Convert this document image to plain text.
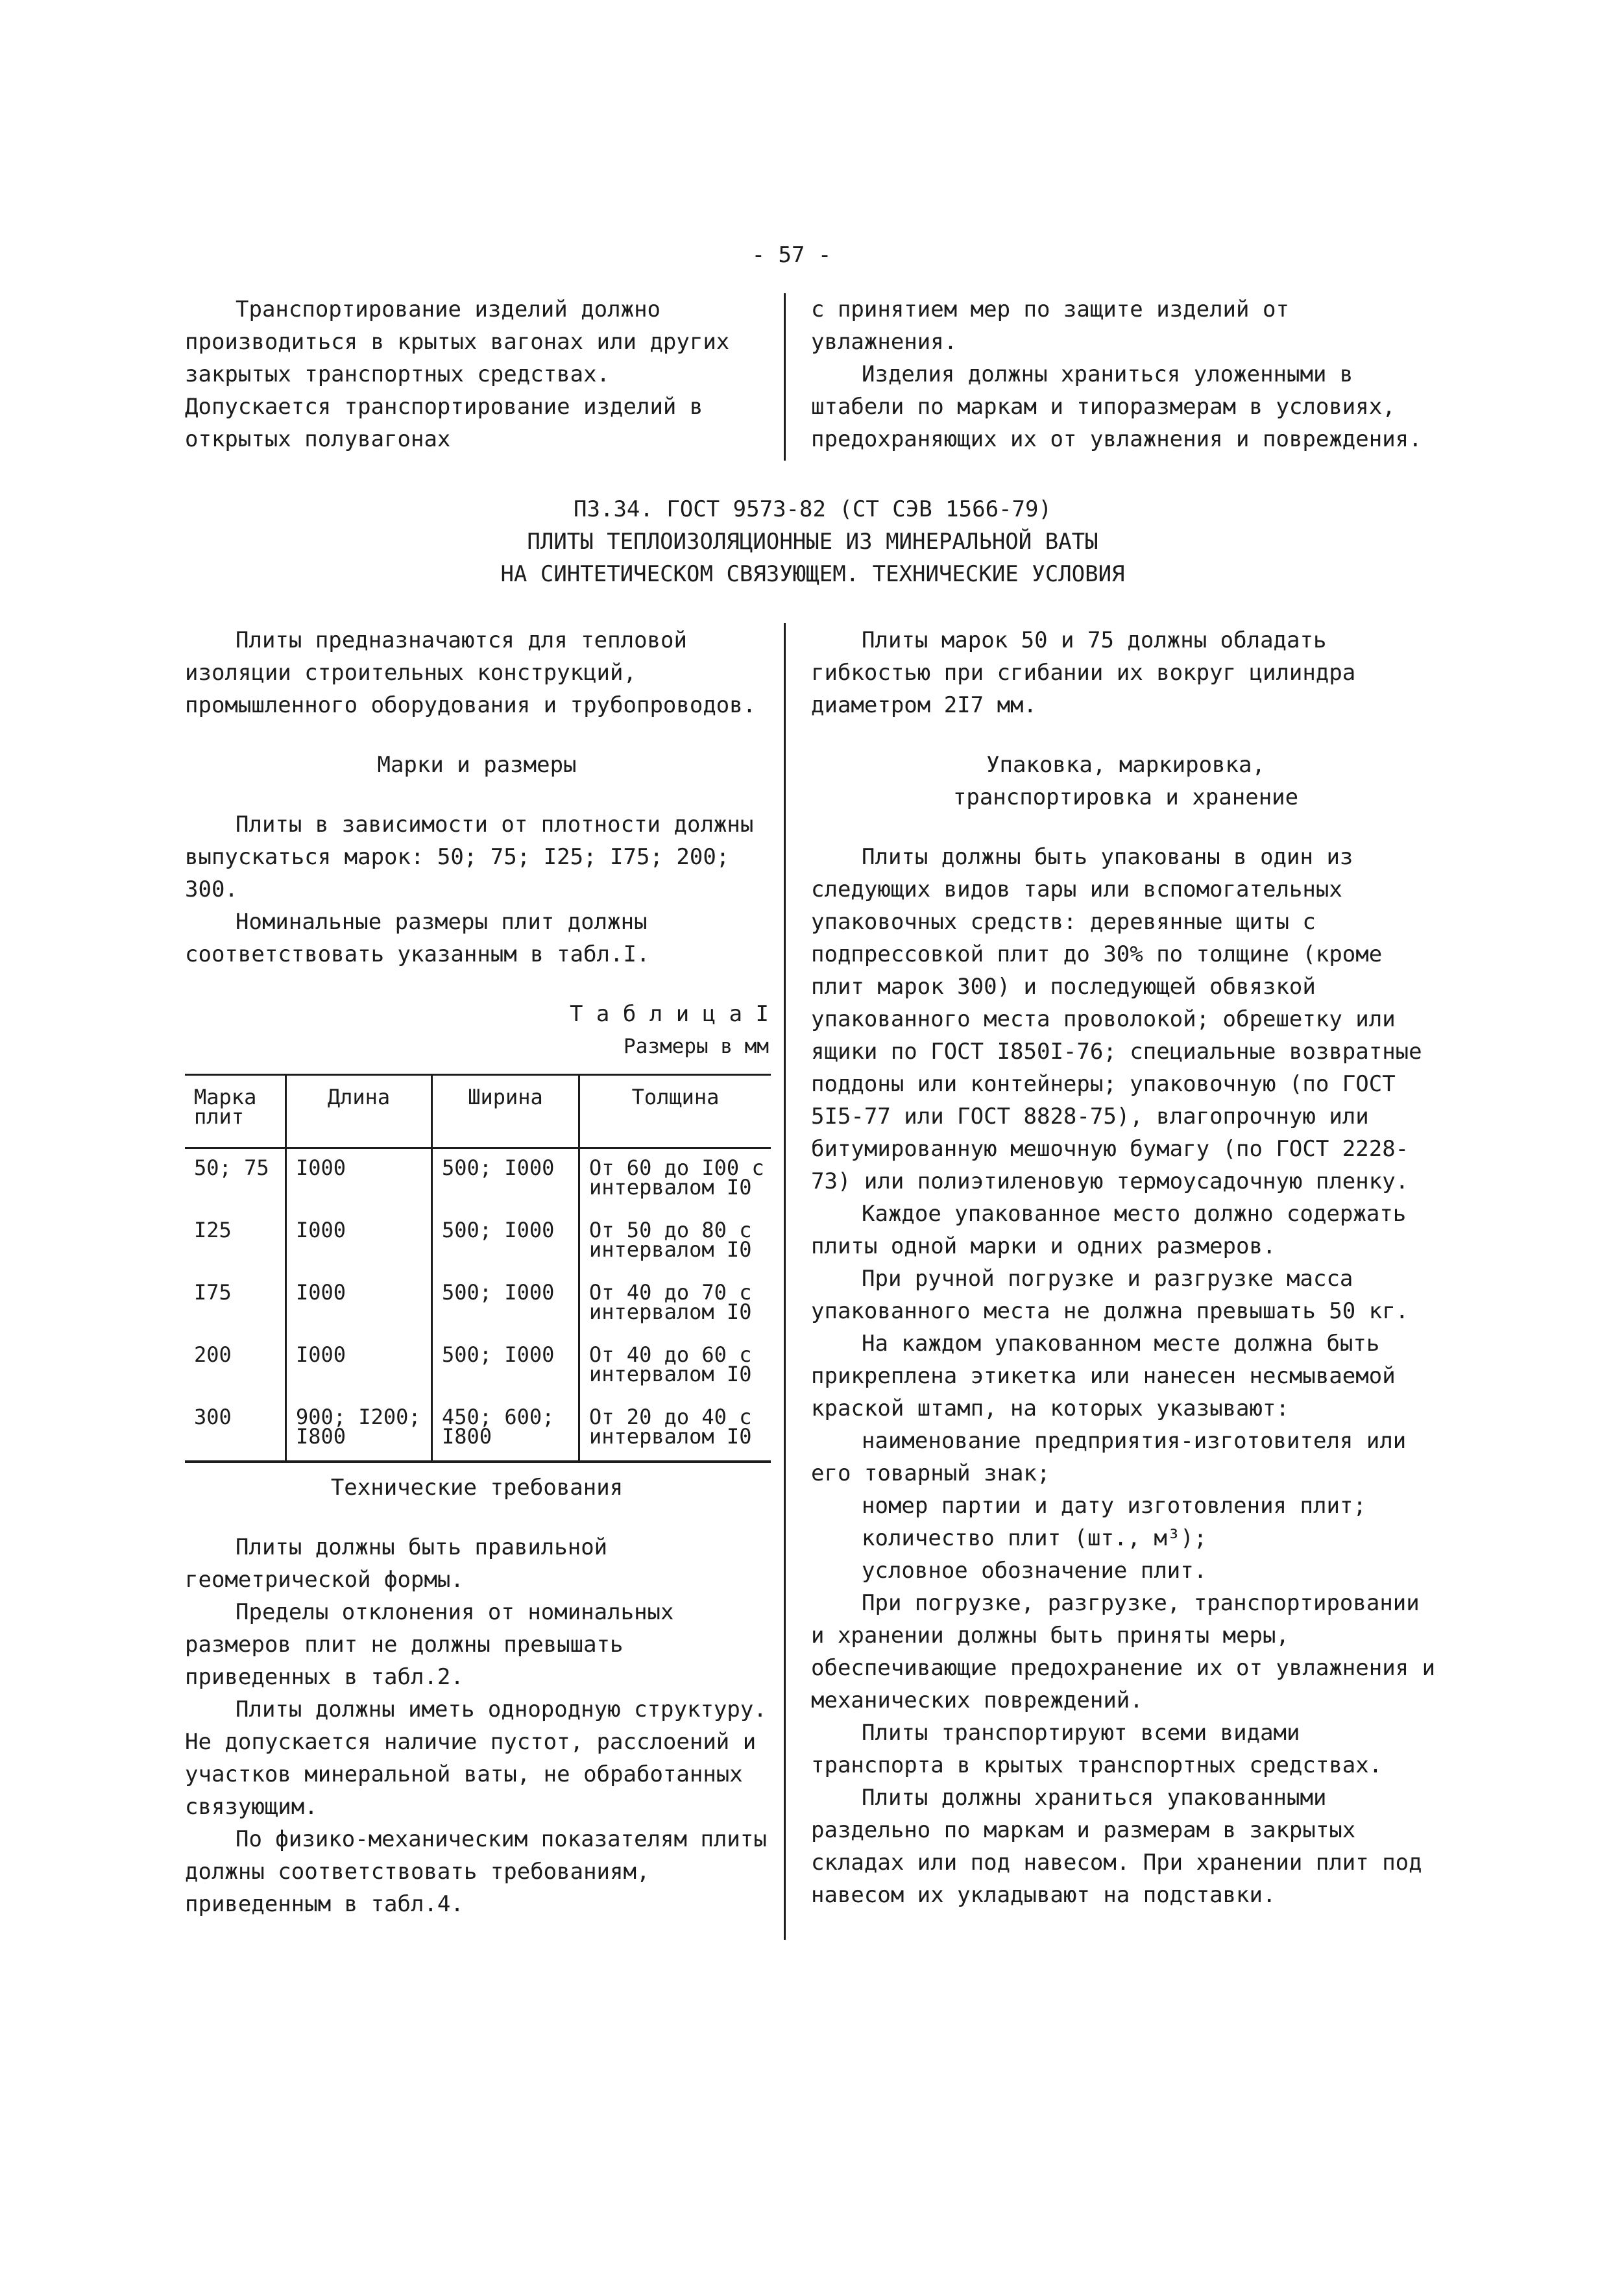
- 57 -

Транспортирование изделий должно производиться в крытых вагонах или других закрытых транспортных средствах. Допускается транспортирование изделий в открытых полувагонах

с принятием мер по защите изделий от увлажнения.

Изделия должны храниться уложенными в штабели по маркам и типоразмерам в условиях, предохраняющих их от увлажнения и повреждения.

ПЗ.34. ГОСТ 9573-82 (СТ СЭВ 1566-79)

ПЛИТЫ ТЕПЛОИЗОЛЯЦИОННЫЕ ИЗ МИНЕРАЛЬНОЙ ВАТЫ

НА СИНТЕТИЧЕСКОМ СВЯЗУЮЩЕМ. ТЕХНИЧЕСКИЕ УСЛОВИЯ

Плиты предназначаются для тепловой изоляции строительных конструкций, промышленного оборудования и трубопроводов.

Марки и размеры

Плиты в зависимости от плотности должны выпускаться марок: 50; 75; I25; I75; 200; 300.

Номинальные размеры плит должны соответствовать указанным в табл.I.

Т а б л и ц а I
Размеры в мм
Марка плит	Длина	Ширина	Толщина
50; 75	I000	500; I000	От 60 до I00 с интервалом I0
I25	I000	500; I000	От 50 до 80 с интервалом I0
I75	I000	500; I000	От 40 до 70 с интервалом I0
200	I000	500; I000	От 40 до 60 с интервалом I0
300	900; I200; I800	450; 600; I800	От 20 до 40 с интервалом I0

Технические требования

Плиты должны быть правильной геометрической формы.

Пределы отклонения от номинальных размеров плит не должны превышать приведенных в табл.2.

Плиты должны иметь однородную структуру. Не допускается наличие пустот, расслоений и участков минеральной ваты, не обработанных связующим.

По физико-механическим показателям плиты должны соответствовать требованиям, приведенным в табл.4.

Плиты марок 50 и 75 должны обладать гибкостью при сгибании их вокруг цилиндра диаметром 2I7 мм.

Упаковка, маркировка,

транспортировка и хранение

Плиты должны быть упакованы в один из следующих видов тары или вспомогательных упаковочных средств: деревянные щиты с подпрессовкой плит до 30% по толщине (кроме плит марок 300) и последующей обвязкой упакованного места проволокой; обрешетку или ящики по ГОСТ I850I-76; специальные возвратные поддоны или контейнеры; упаковочную (по ГОСТ 5I5-77 или ГОСТ 8828-75), влагопрочную или битумированную мешочную бумагу (по ГОСТ 2228-73) или полиэтиленовую термоусадочную пленку.

Каждое упакованное место должно содержать плиты одной марки и одних размеров.

При ручной погрузке и разгрузке масса упакованного места не должна превышать 50 кг.

На каждом упакованном месте должна быть прикреплена этикетка или нанесен несмываемой краской штамп, на которых указывают:

наименование предприятия-изготовителя или его товарный знак;

номер партии и дату изготовления плит;

количество плит (шт., м³);

условное обозначение плит.

При погрузке, разгрузке, транспортировании и хранении должны быть приняты меры, обеспечивающие предохранение их от увлажнения и механических повреждений.

Плиты транспортируют всеми видами транспорта в крытых транспортных средствах.

Плиты должны храниться упакованными раздельно по маркам и размерам в закрытых складах или под навесом. При хранении плит под навесом их укладывают на подставки.
